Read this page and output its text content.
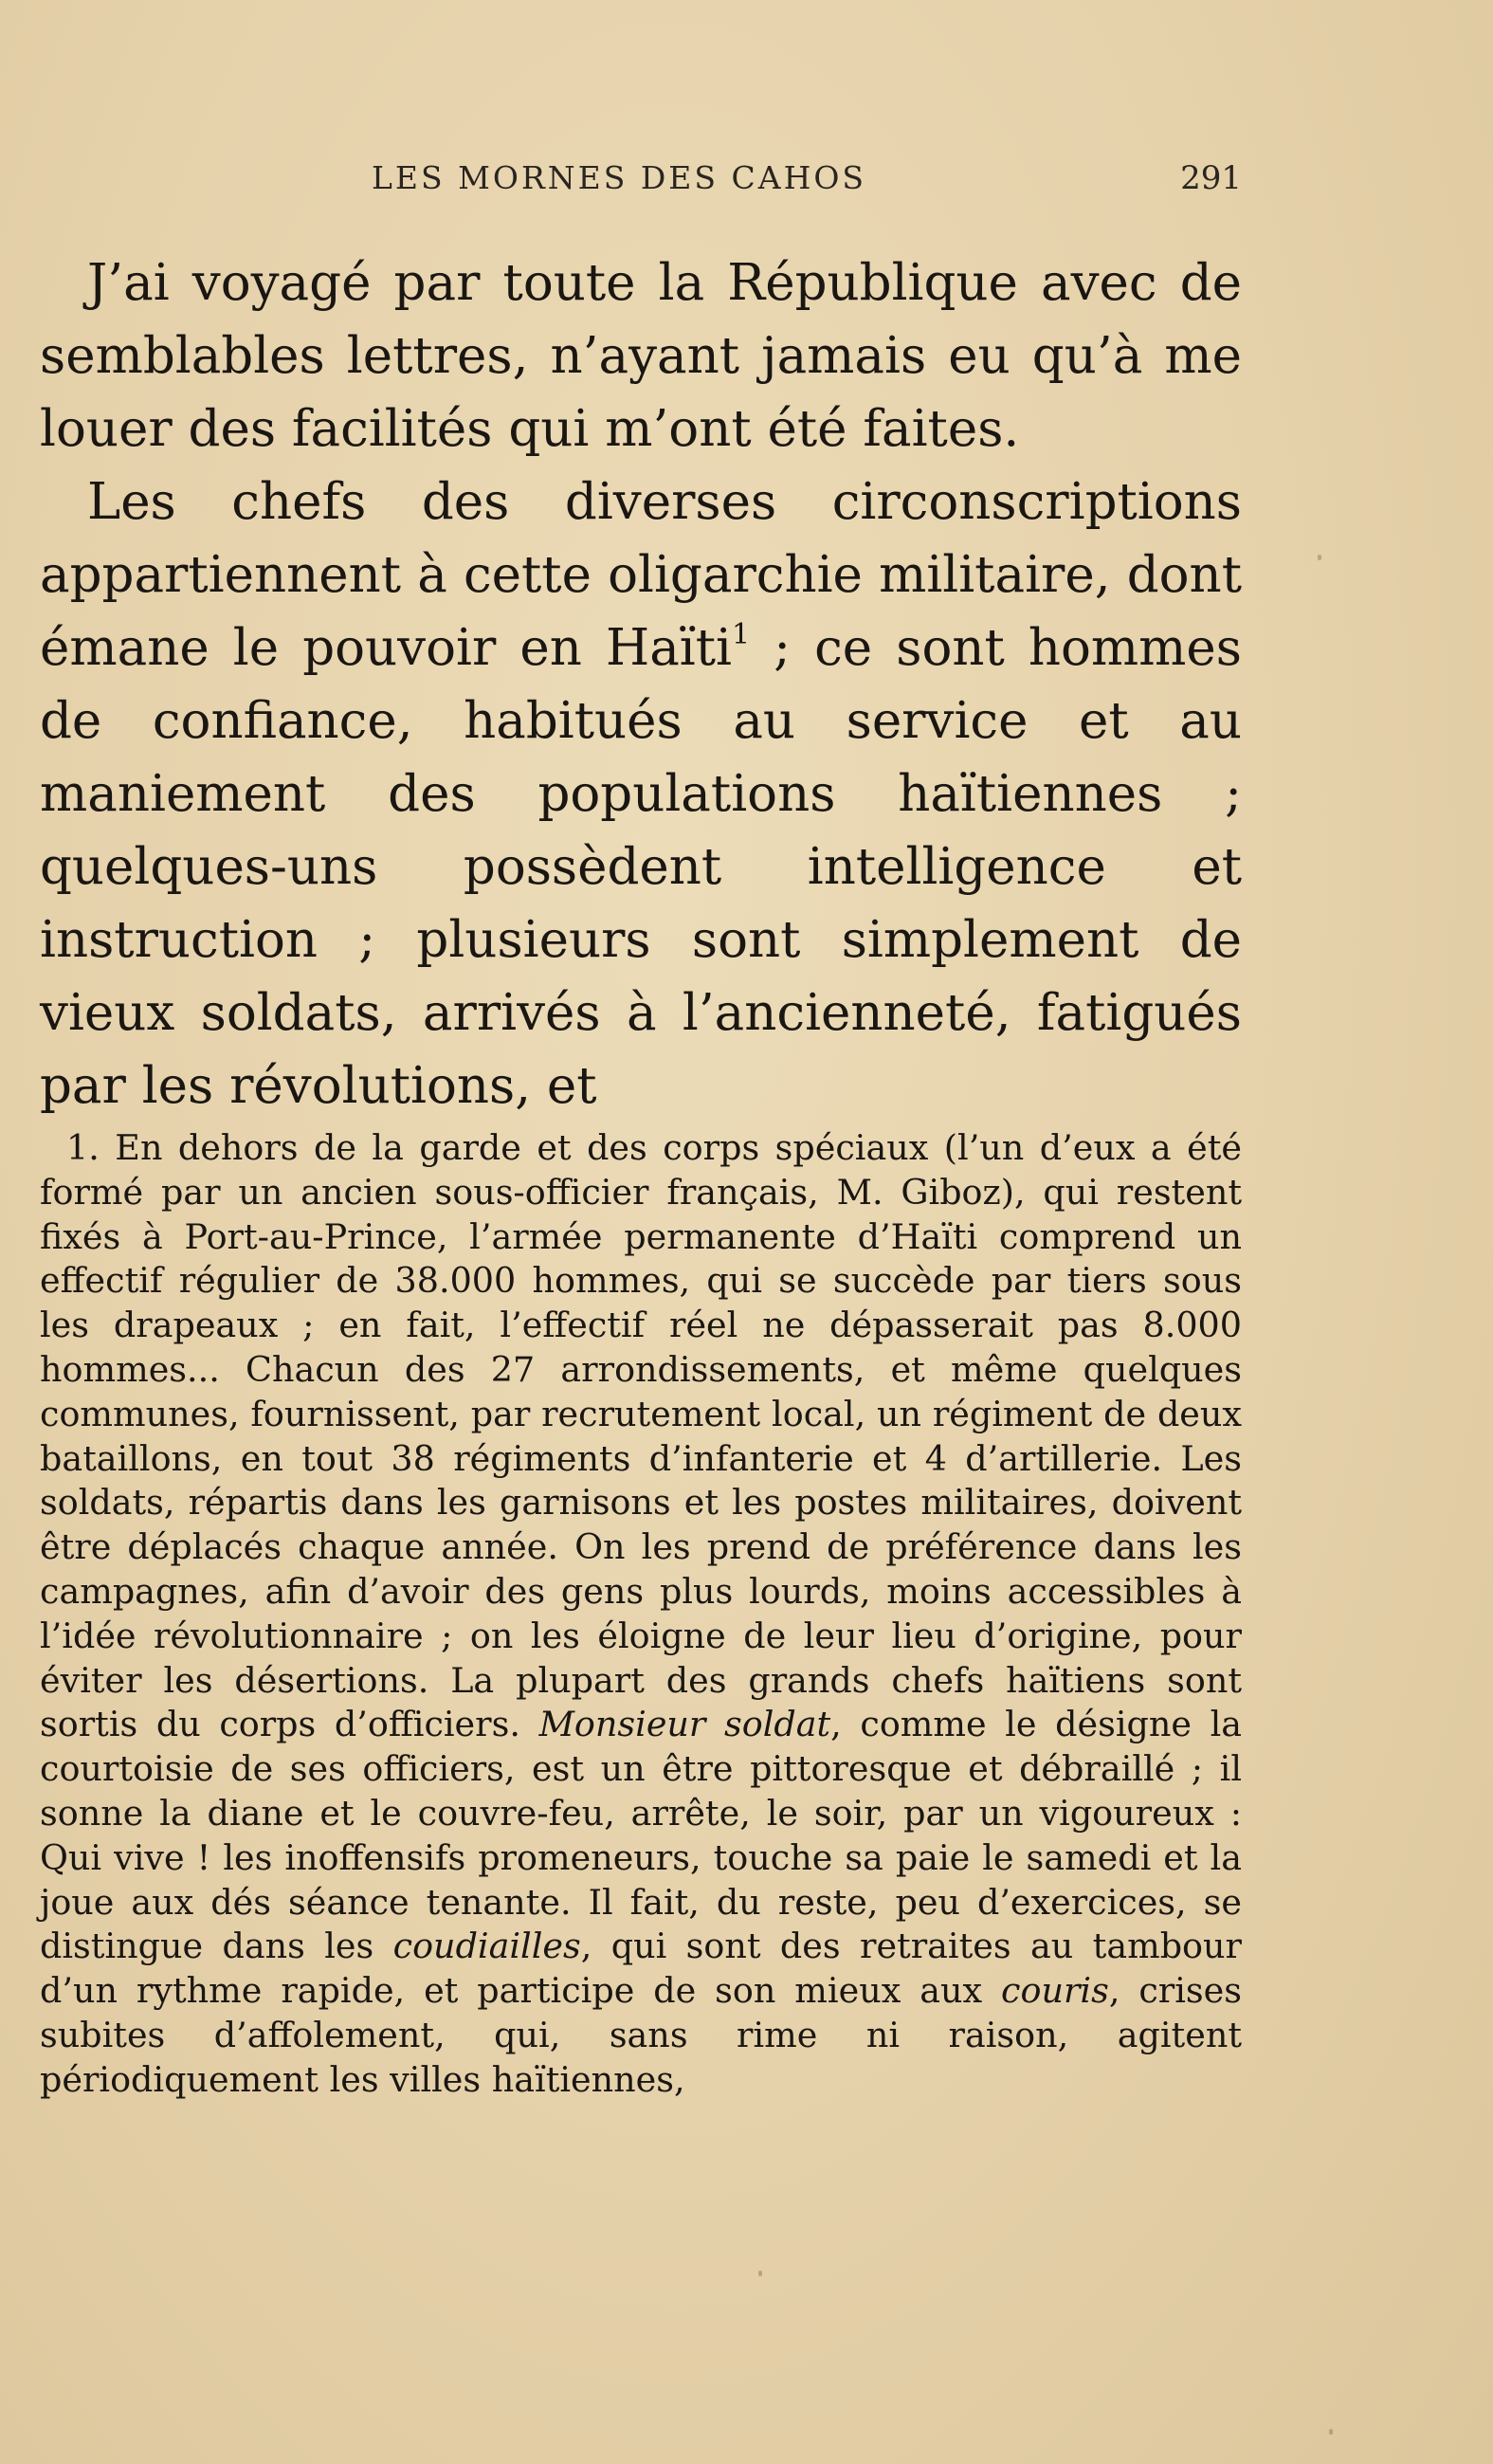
LES MORNES DES CAHOS	291

J’ai voyagé par toute la République avec de semblables lettres, n’ayant jamais eu qu’à me louer des facilités qui m’ont été faites.

Les chefs des diverses circonscriptions appartiennent à cette oligarchie militaire, dont émane le pouvoir en Haïti$^1$ ; ce sont hommes de confiance, habitués au service et au maniement des populations haïtiennes ; quelques-uns possèdent intelligence et instruction ; plusieurs sont simplement de vieux soldats, arrivés à l’ancienneté, fatigués par les révolutions, et

1. En dehors de la garde et des corps spéciaux (l’un d’eux a été formé par un ancien sous-officier français, M. Giboz), qui restent fixés à Port-au-Prince, l’armée permanente d’Haïti comprend un effectif régulier de 38.000 hommes, qui se succède par tiers sous les drapeaux ; en fait, l’effectif réel ne dépasserait pas 8.000 hommes... Chacun des 27 arrondissements, et même quelques communes, fournissent, par recrutement local, un régiment de deux bataillons, en tout 38 régiments d’infanterie et 4 d’artillerie. Les soldats, répartis dans les garnisons et les postes militaires, doivent être déplacés chaque année. On les prend de préférence dans les campagnes, afin d’avoir des gens plus lourds, moins accessibles à l’idée révolutionnaire ; on les éloigne de leur lieu d’origine, pour éviter les désertions. La plupart des grands chefs haïtiens sont sortis du corps d’officiers. Monsieur soldat, comme le désigne la courtoisie de ses officiers, est un être pittoresque et débraillé ; il sonne la diane et le couvre-feu, arrête, le soir, par un vigoureux : Qui vive ! les inoffensifs promeneurs, touche sa paie le samedi et la joue aux dés séance tenante. Il fait, du reste, peu d’exercices, se distingue dans les coudiailles, qui sont des retraites au tambour d’un rythme rapide, et participe de son mieux aux couris, crises subites d’affolement, qui, sans rime ni raison, agitent périodiquement les villes haïtiennes,
